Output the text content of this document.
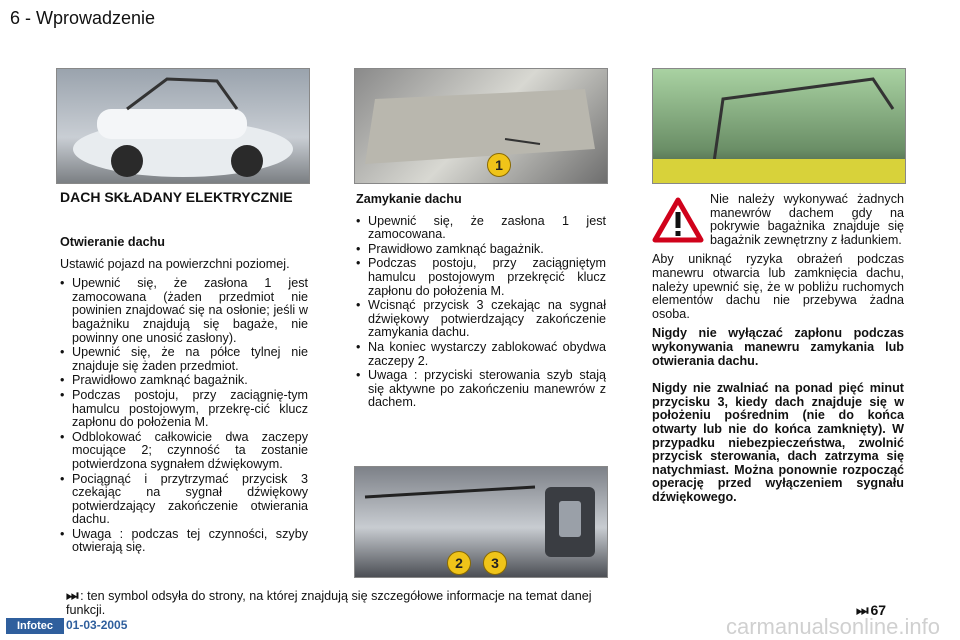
6 - Wprowadzenie
1
2	3
DACH SKŁADANY ELEKTRYCZNIE
Otwieranie dachu

Ustawić pojazd na powierzchni poziomej.

• Upewnić się, że zasłona 1 jest zamocowana (żaden przedmiot nie powinien znajdować się na osłonie; jeśli w bagażniku znajdują się bagaże, nie powinny one unosić zasłony).
• Upewnić się, że na półce tylnej nie znajduje się żaden przedmiot.
• Prawidłowo zamknąć bagażnik.
• Podczas postoju, przy zaciągnię-tym hamulcu postojowym, przekrę-cić klucz zapłonu do położenia M.
• Odblokować całkowicie dwa zaczepy mocujące 2; czynność ta zostanie potwierdzona sygnałem dźwiękowym.
• Pociągnąć i przytrzymać przycisk 3 czekając na sygnał dźwiękowy potwierdzający zakończenie otwierania dachu.
• Uwaga : podczas tej czynności, szyby otwierają się.
Zamykanie dachu
• Upewnić się, że zasłona 1 jest zamocowana.
• Prawidłowo zamknąć bagażnik.
• Podczas postoju, przy zaciągniętym hamulcu postojowym przekręcić klucz zapłonu do położenia M.
• Wcisnąć przycisk 3 czekając na sygnał dźwiękowy potwierdzający zakończenie zamykania dachu.
• Na koniec wystarczy zablokować obydwa zaczepy 2.
• Uwaga : przyciski sterowania szyb stają się aktywne po zakończeniu manewrów z dachem.

Nie należy wykonywać żadnych manewrów dachem gdy na pokrywie bagażnika znajduje się bagażnik zewnętrzny z ładunkiem.

Aby uniknąć ryzyka obrażeń podczas manewru otwarcia lub zamknięcia dachu, należy upewnić się, że w pobliżu ruchomych elementów dachu nie przebywa żadna osoba.

Nigdy nie wyłączać zapłonu podczas wykonywania manewru zamykania lub otwierania dachu.

Nigdy nie zwalniać na ponad pięć minut przycisku 3, kiedy dach znajduje się w położeniu pośrednim (nie do końca otwarty lub nie do końca zamknięty). W przypadku niebezpieczeństwa, zwolnić przycisk sterowania, dach zatrzyma się natychmiast. Można ponownie rozpocząć operację przed wyłączeniem sygnału dźwiękowego.

⏭ : ten symbol odsyła do strony, na której znajdują się szczegółowe informacje na temat danej funkcji.	⏭ 67
Infotec	01-03-2005	carmanualsonline.info
